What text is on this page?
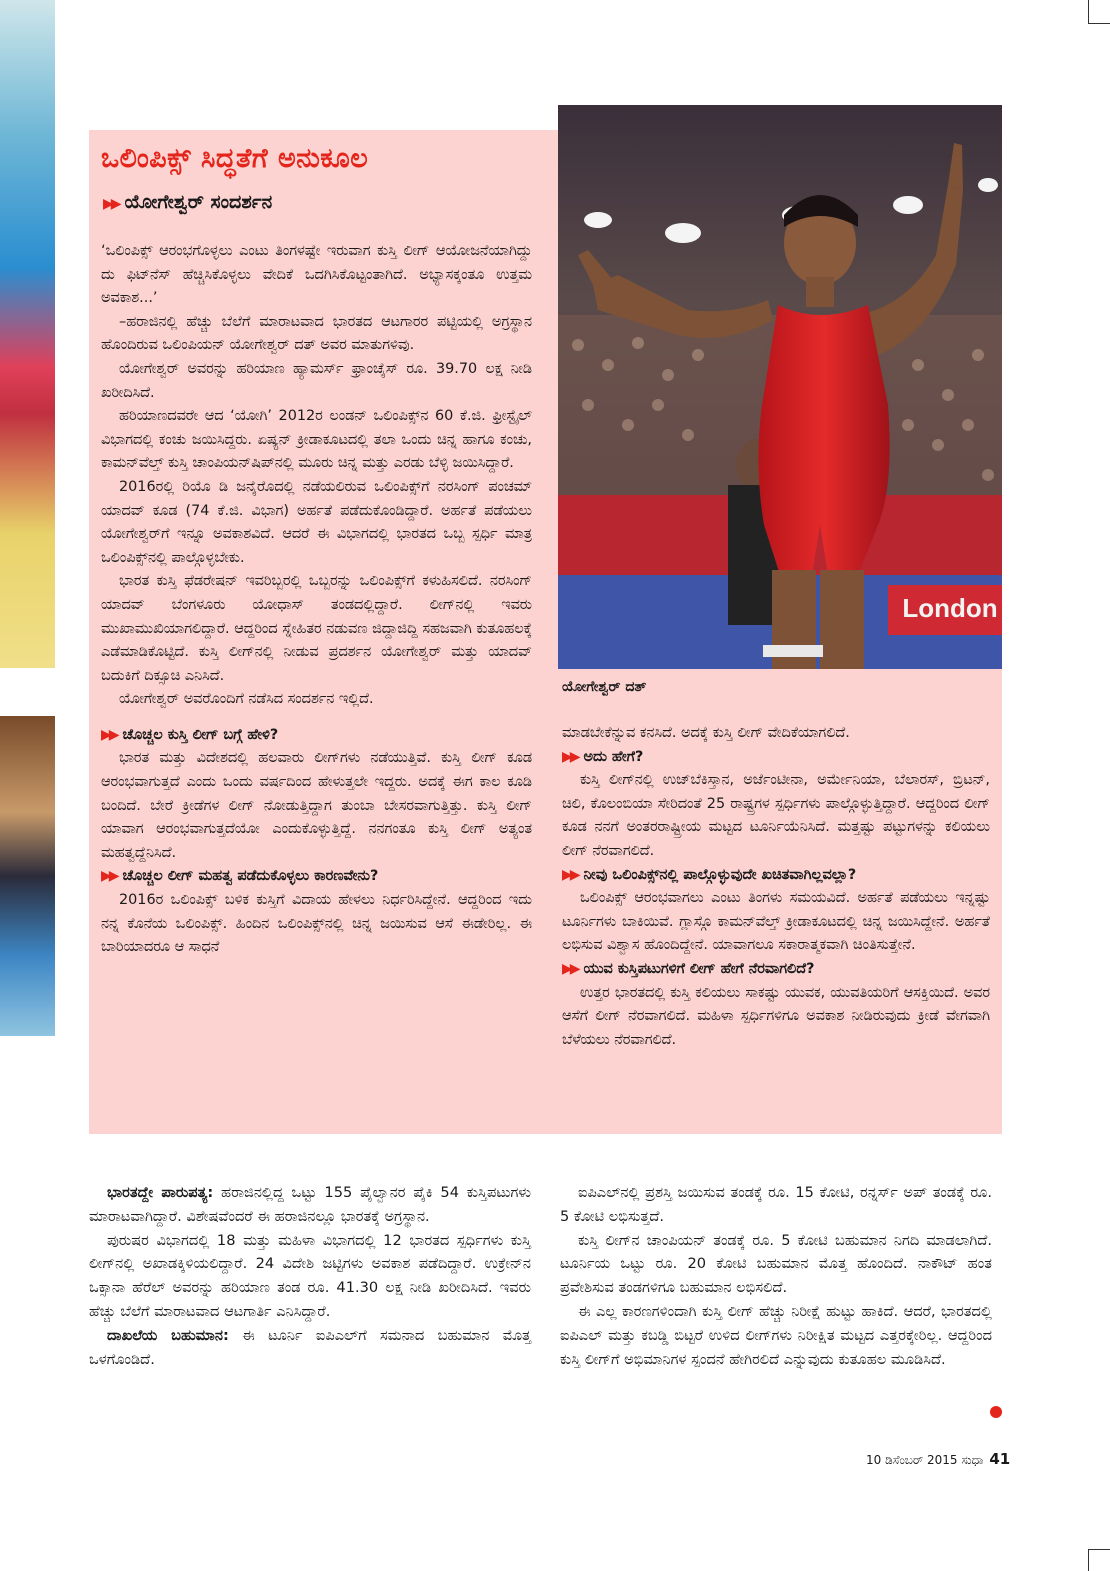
London
ಒಲಿಂಪಿಕ್ಸ್ ಸಿದ್ಧತೆಗೆ ಅನುಕೂಲ
▶▶ ಯೋಗೇಶ್ವರ್ ಸಂದರ್ಶನ

‘ಒಲಿಂಪಿಕ್ಸ್ ಆರಂಭಗೊಳ್ಳಲು ಎಂಟು ತಿಂಗಳಷ್ಟೇ ಇರುವಾಗ ಕುಸ್ತಿ ಲೀಗ್ ಆಯೋಜನೆಯಾಗಿದ್ದು ದು ಫಿಟ್‌ನೆಸ್ ಹೆಚ್ಚಿಸಿಕೊಳ್ಳಲು ವೇದಿಕೆ ಒದಗಿಸಿಕೊಟ್ಟಂತಾಗಿದೆ. ಅಭ್ಯಾಸಕ್ಕಂತೂ ಉತ್ತಮ ಅವಕಾಶ...’

–ಹರಾಜಿನಲ್ಲಿ ಹೆಚ್ಚು ಬೆಲೆಗೆ ಮಾರಾಟವಾದ ಭಾರತದ ಆಟಗಾರರ ಪಟ್ಟಿಯಲ್ಲಿ ಅಗ್ರಸ್ಥಾನ ಹೊಂದಿರುವ ಒಲಿಂಪಿಯನ್ ಯೋಗೇಶ್ವರ್ ದತ್ ಅವರ ಮಾತುಗಳಿವು.

ಯೋಗೇಶ್ವರ್ ಅವರನ್ನು ಹರಿಯಾಣ ಹ್ಯಾಮರ್ಸ್ ಫ್ರಾಂಚೈಸ್ ರೂ. 39.70 ಲಕ್ಷ ನೀಡಿ ಖರೀದಿಸಿದೆ.

ಹರಿಯಾಣದವರೇ ಆದ ‘ಯೋಗಿ’ 2012ರ ಲಂಡನ್ ಒಲಿಂಪಿಕ್ಸ್‌ನ 60 ಕೆ.ಜಿ. ಫ್ರೀಸ್ಟೈಲ್ ವಿಭಾಗದಲ್ಲಿ ಕಂಚು ಜಯಿಸಿದ್ದರು. ಏಷ್ಯನ್ ಕ್ರೀಡಾಕೂಟದಲ್ಲಿ ತಲಾ ಒಂದು ಚಿನ್ನ ಹಾಗೂ ಕಂಚು, ಕಾಮನ್‌ವೆಲ್ತ್ ಕುಸ್ತಿ ಚಾಂಪಿಯನ್‌ಷಿಪ್‌ನಲ್ಲಿ ಮೂರು ಚಿನ್ನ ಮತ್ತು ಎರಡು ಬೆಳ್ಳಿ ಜಯಿಸಿದ್ದಾರೆ.

2016ರಲ್ಲಿ ರಿಯೊ ಡಿ ಜನೈರೊದಲ್ಲಿ ನಡೆಯಲಿರುವ ಒಲಿಂಪಿಕ್ಸ್‌ಗೆ ನರಸಿಂಗ್ ಪಂಚಮ್ ಯಾದವ್ ಕೂಡ (74 ಕೆ.ಜಿ. ವಿಭಾಗ) ಅರ್ಹತೆ ಪಡೆದುಕೊಂಡಿದ್ದಾರೆ. ಅರ್ಹತೆ ಪಡೆಯಲು ಯೋಗೇಶ್ವರ್‌ಗೆ ಇನ್ನೂ ಅವಕಾಶವಿದೆ. ಆದರೆ ಈ ವಿಭಾಗದಲ್ಲಿ ಭಾರತದ ಒಬ್ಬ ಸ್ಪರ್ಧಿ ಮಾತ್ರ ಒಲಿಂಪಿಕ್ಸ್‌ನಲ್ಲಿ ಪಾಲ್ಗೊಳ್ಳಬೇಕು.

ಭಾರತ ಕುಸ್ತಿ ಫೆಡರೇಷನ್ ಇವರಿಬ್ಬರಲ್ಲಿ ಒಬ್ಬರನ್ನು ಒಲಿಂಪಿಕ್ಸ್‌ಗೆ ಕಳುಹಿಸಲಿದೆ. ನರಸಿಂಗ್ ಯಾದವ್ ಬೆಂಗಳೂರು ಯೋಧಾಸ್ ತಂಡದಲ್ಲಿದ್ದಾರೆ. ಲೀಗ್‌ನಲ್ಲಿ ಇವರು ಮುಖಾಮುಖಿಯಾಗಲಿದ್ದಾರೆ. ಆದ್ದರಿಂದ ಸ್ನೇಹಿತರ ನಡುವಣ ಜಿದ್ದಾಜಿದ್ದಿ ಸಹಜವಾಗಿ ಕುತೂಹಲಕ್ಕೆ ಎಡೆಮಾಡಿಕೊಟ್ಟಿದೆ. ಕುಸ್ತಿ ಲೀಗ್‌ನಲ್ಲಿ ನೀಡುವ ಪ್ರದರ್ಶನ ಯೋಗೇಶ್ವರ್ ಮತ್ತು ಯಾದವ್ ಬದುಕಿಗೆ ದಿಕ್ಸೂಚಿ ಎನಿಸಿದೆ.

ಯೋಗೇಶ್ವರ್ ಅವರೊಂದಿಗೆ ನಡೆಸಿದ ಸಂದರ್ಶನ ಇಲ್ಲಿದೆ.

▶▶ ಚೊಚ್ಚಲ ಕುಸ್ತಿ ಲೀಗ್ ಬಗ್ಗೆ ಹೇಳಿ?

ಭಾರತ ಮತ್ತು ವಿದೇಶದಲ್ಲಿ ಹಲವಾರು ಲೀಗ್‌ಗಳು ನಡೆಯುತ್ತಿವೆ. ಕುಸ್ತಿ ಲೀಗ್ ಕೂಡ ಆರಂಭವಾಗುತ್ತದೆ ಎಂದು ಒಂದು ವರ್ಷದಿಂದ ಹೇಳುತ್ತಲೇ ಇದ್ದರು. ಅದಕ್ಕೆ ಈಗ ಕಾಲ ಕೂಡಿ ಬಂದಿದೆ. ಬೇರೆ ಕ್ರೀಡೆಗಳ ಲೀಗ್ ನೋಡುತ್ತಿದ್ದಾಗ ತುಂಬಾ ಬೇಸರವಾಗುತ್ತಿತ್ತು. ಕುಸ್ತಿ ಲೀಗ್ ಯಾವಾಗ ಆರಂಭವಾಗುತ್ತದೆಯೋ ಎಂದುಕೊಳ್ಳುತ್ತಿದ್ದೆ. ನನಗಂತೂ ಕುಸ್ತಿ ಲೀಗ್ ಅತ್ಯಂತ ಮಹತ್ವದ್ದೆನಿಸಿದೆ.

▶▶ ಚೊಚ್ಚಲ ಲೀಗ್ ಮಹತ್ವ ಪಡೆದುಕೊಳ್ಳಲು ಕಾರಣವೇನು?

2016ರ ಒಲಿಂಪಿಕ್ಸ್ ಬಳಿಕ ಕುಸ್ತಿಗೆ ವಿದಾಯ ಹೇಳಲು ನಿರ್ಧರಿಸಿದ್ದೇನೆ. ಆದ್ದರಿಂದ ಇದು ನನ್ನ ಕೊನೆಯ ಒಲಿಂಪಿಕ್ಸ್. ಹಿಂದಿನ ಒಲಿಂಪಿಕ್ಸ್‌ನಲ್ಲಿ ಚಿನ್ನ ಜಯಿಸುವ ಆಸೆ ಈಡೇರಿಲ್ಲ. ಈ ಬಾರಿಯಾದರೂ ಆ ಸಾಧನೆ

ಯೋಗೇಶ್ವರ್ ದತ್

ಮಾಡಬೇಕೆನ್ನುವ ಕನಸಿದೆ. ಅದಕ್ಕೆ ಕುಸ್ತಿ ಲೀಗ್ ವೇದಿಕೆಯಾಗಲಿದೆ.

▶▶ ಅದು ಹೇಗೆ?

ಕುಸ್ತಿ ಲೀಗ್‌ನಲ್ಲಿ ಉಜ್‌ಬೆಕಿಸ್ತಾನ, ಅರ್ಜೆಂಟೀನಾ, ಅರ್ಮೇನಿಯಾ, ಬೆಲಾರಸ್, ಬ್ರಿಟನ್, ಚಿಲಿ, ಕೊಲಂಬಿಯಾ ಸೇರಿದಂತೆ 25 ರಾಷ್ಟ್ರಗಳ ಸ್ಪರ್ಧಿಗಳು ಪಾಲ್ಗೊಳ್ಳುತ್ತಿದ್ದಾರೆ. ಆದ್ದರಿಂದ ಲೀಗ್ ಕೂಡ ನನಗೆ ಅಂತರರಾಷ್ಟ್ರೀಯ ಮಟ್ಟದ ಟೂರ್ನಿಯೆನಿಸಿದೆ. ಮತ್ತಷ್ಟು ಪಟ್ಟುಗಳನ್ನು ಕಲಿಯಲು ಲೀಗ್ ನೆರವಾಗಲಿದೆ.

▶▶ ನೀವು ಒಲಿಂಪಿಕ್ಸ್‌ನಲ್ಲಿ ಪಾಲ್ಗೊಳ್ಳುವುದೇ ಖಚಿತವಾಗಿಲ್ಲವಲ್ಲಾ?

ಒಲಿಂಪಿಕ್ಸ್ ಆರಂಭವಾಗಲು ಎಂಟು ತಿಂಗಳು ಸಮಯವಿದೆ. ಅರ್ಹತೆ ಪಡೆಯಲು ಇನ್ನಷ್ಟು ಟೂರ್ನಿಗಳು ಬಾಕಿಯಿವೆ. ಗ್ಲಾಸ್ಗೊ ಕಾಮನ್‌ವೆಲ್ತ್ ಕ್ರೀಡಾಕೂಟದಲ್ಲಿ ಚಿನ್ನ ಜಯಿಸಿದ್ದೇನೆ. ಅರ್ಹತೆ ಲಭಿಸುವ ವಿಶ್ವಾಸ ಹೊಂದಿದ್ದೇನೆ. ಯಾವಾಗಲೂ ಸಕಾರಾತ್ಮಕವಾಗಿ ಚಿಂತಿಸುತ್ತೇನೆ.

▶▶ ಯುವ ಕುಸ್ತಿಪಟುಗಳಿಗೆ ಲೀಗ್ ಹೇಗೆ ನೆರವಾಗಲಿದೆ?

ಉತ್ತರ ಭಾರತದಲ್ಲಿ ಕುಸ್ತಿ ಕಲಿಯಲು ಸಾಕಷ್ಟು ಯುವಕ, ಯುವತಿಯರಿಗೆ ಆಸಕ್ತಿಯಿದೆ. ಅವರ ಆಸೆಗೆ ಲೀಗ್ ನೆರವಾಗಲಿದೆ. ಮಹಿಳಾ ಸ್ಪರ್ಧಿಗಳಿಗೂ ಅವಕಾಶ ನೀಡಿರುವುದು ಕ್ರೀಡೆ ವೇಗವಾಗಿ ಬೆಳೆಯಲು ನೆರವಾಗಲಿದೆ.

ಭಾರತದ್ದೇ ಪಾರುಪತ್ಯ: ಹರಾಜಿನಲ್ಲಿದ್ದ ಒಟ್ಟು 155 ಪೈಲ್ವಾನರ ಪೈಕಿ 54 ಕುಸ್ತಿಪಟುಗಳು ಮಾರಾಟವಾಗಿದ್ದಾರೆ. ವಿಶೇಷವೆಂದರೆ ಈ ಹರಾಜಿನಲ್ಲೂ ಭಾರತಕ್ಕೆ ಅಗ್ರಸ್ಥಾನ.

ಪುರುಷರ ವಿಭಾಗದಲ್ಲಿ 18 ಮತ್ತು ಮಹಿಳಾ ವಿಭಾಗದಲ್ಲಿ 12 ಭಾರತದ ಸ್ಪರ್ಧಿಗಳು ಕುಸ್ತಿ ಲೀಗ್‌ನಲ್ಲಿ ಅಖಾಡಕ್ಕಿಳಿಯಲಿದ್ದಾರೆ. 24 ವಿದೇಶಿ ಜಟ್ಟಿಗಳು ಅವಕಾಶ ಪಡೆದಿದ್ದಾರೆ. ಉಕ್ರೇನ್‌ನ ಒಕ್ಸಾನಾ ಹೆರೆಲ್ ಅವರನ್ನು ಹರಿಯಾಣ ತಂಡ ರೂ. 41.30 ಲಕ್ಷ ನೀಡಿ ಖರೀದಿಸಿದೆ. ಇವರು ಹೆಚ್ಚು ಬೆಲೆಗೆ ಮಾರಾಟವಾದ ಆಟಗಾರ್ತಿ ಎನಿಸಿದ್ದಾರೆ.

ದಾಖಲೆಯ ಬಹುಮಾನ: ಈ ಟೂರ್ನಿ ಐಪಿಎಲ್‌ಗೆ ಸಮನಾದ ಬಹುಮಾನ ಮೊತ್ತ ಒಳಗೊಂಡಿದೆ.

ಐಪಿಎಲ್‌ನಲ್ಲಿ ಪ್ರಶಸ್ತಿ ಜಯಿಸುವ ತಂಡಕ್ಕೆ ರೂ. 15 ಕೋಟಿ, ರನ್ನರ್ಸ್ ಅಪ್ ತಂಡಕ್ಕೆ ರೂ. 5 ಕೋಟಿ ಲಭಿಸುತ್ತದೆ.

ಕುಸ್ತಿ ಲೀಗ್‌ನ ಚಾಂಪಿಯನ್ ತಂಡಕ್ಕೆ ರೂ. 5 ಕೋಟಿ ಬಹುಮಾನ ನಿಗದಿ ಮಾಡಲಾಗಿದೆ. ಟೂರ್ನಿಯ ಒಟ್ಟು ರೂ. 20 ಕೋಟಿ ಬಹುಮಾನ ಮೊತ್ತ ಹೊಂದಿದೆ. ನಾಕೌಟ್ ಹಂತ ಪ್ರವೇಶಿಸುವ ತಂಡಗಳಿಗೂ ಬಹುಮಾನ ಲಭಿಸಲಿದೆ.

ಈ ಎಲ್ಲ ಕಾರಣಗಳಿಂದಾಗಿ ಕುಸ್ತಿ ಲೀಗ್ ಹೆಚ್ಚು ನಿರೀಕ್ಷೆ ಹುಟ್ಟು ಹಾಕಿದೆ. ಆದರೆ, ಭಾರತದಲ್ಲಿ ಐಪಿಎಲ್ ಮತ್ತು ಕಬಡ್ಡಿ ಬಿಟ್ಟರೆ ಉಳಿದ ಲೀಗ್‌ಗಳು ನಿರೀಕ್ಷಿತ ಮಟ್ಟದ ಎತ್ತರಕ್ಕೇರಿಲ್ಲ. ಆದ್ದರಿಂದ ಕುಸ್ತಿ ಲೀಗ್‌ಗೆ ಅಭಿಮಾನಿಗಳ ಸ್ಪಂದನೆ ಹೇಗಿರಲಿದೆ ಎನ್ನುವುದು ಕುತೂಹಲ ಮೂಡಿಸಿದೆ.

10 ಡಿಸೆಂಬರ್ 2015 ಸುಧಾ 41
